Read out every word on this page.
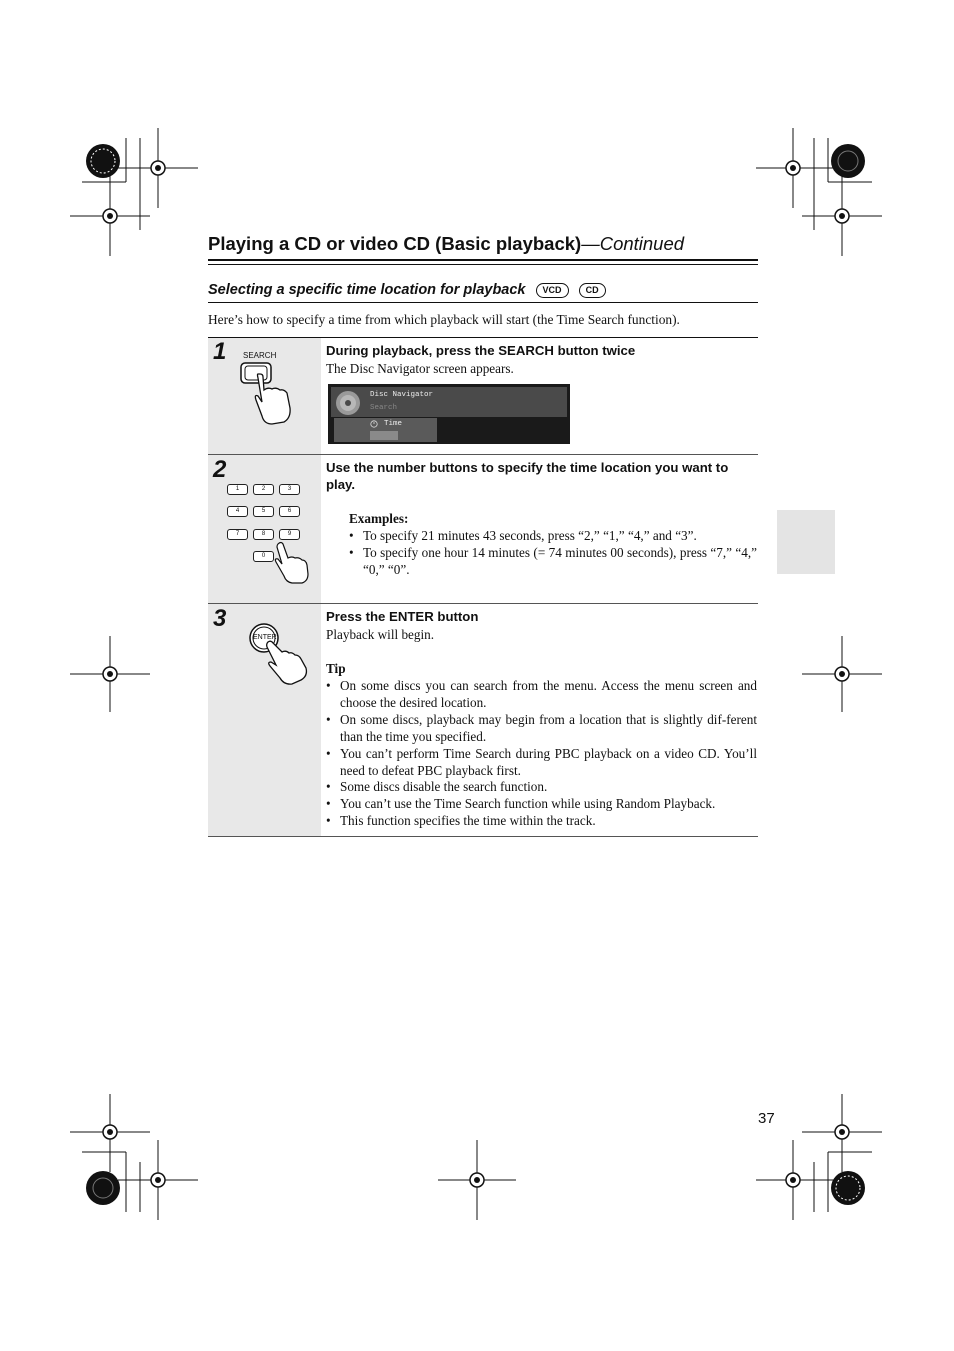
Playing a CD or video CD (Basic playback)—Continued
Selecting a specific time location for playback VCD	CD
Here’s how to specify a time from which playback will start (the Time Search function).
1 SEARCH	During playback, press the SEARCH button twice
The Disc Navigator screen appears.
Disc Navigator
Search
Time
2
1	2	3
4	5	6
7	8	9
0
Use the number buttons to specify the time location you want to
play.
Examples:
• To specify 21 minutes 43 seconds, press “2,” “1,” “4,” and “3”.
• To specify one hour 14 minutes (= 74 minutes 00 seconds), press “7,” “4,” “0,” “0”.
3
ENTER
Press the ENTER button
Playback will begin.
Tip
• On some discs you can search from the menu. Access the menu screen and choose the desired location.
• On some discs, playback may begin from a location that is slightly dif-ferent than the time you specified.
• You can’t perform Time Search during PBC playback on a video CD. You’ll need to defeat PBC playback first.
• Some discs disable the search function.
• You can’t use the Time Search function while using Random Playback.
• This function specifies the time within the track.
37
